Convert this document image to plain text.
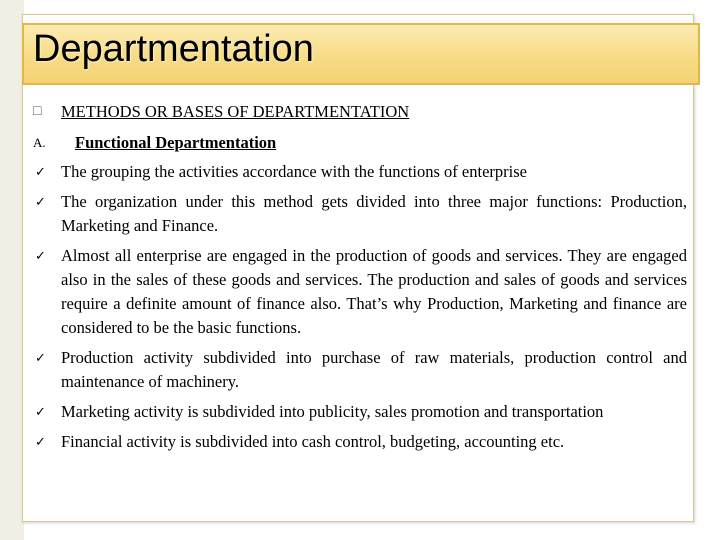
Departmentation
□ METHODS OR BASES OF DEPARTMENTATION
A. Functional Departmentation
✓ The grouping the activities accordance with the functions of enterprise
✓ The organization under this method gets divided into three major functions: Production, Marketing and Finance.
✓ Almost all enterprise are engaged in the production of goods and services. They are engaged also in the sales of these goods and services. The production and sales of goods and services require a definite amount of finance also. That’s why Production, Marketing and finance are considered to be the basic functions.
✓ Production activity subdivided into purchase of raw materials, production control and maintenance of machinery.
✓ Marketing activity is subdivided into publicity, sales promotion and transportation
✓ Financial activity is subdivided into cash control, budgeting, accounting etc.
